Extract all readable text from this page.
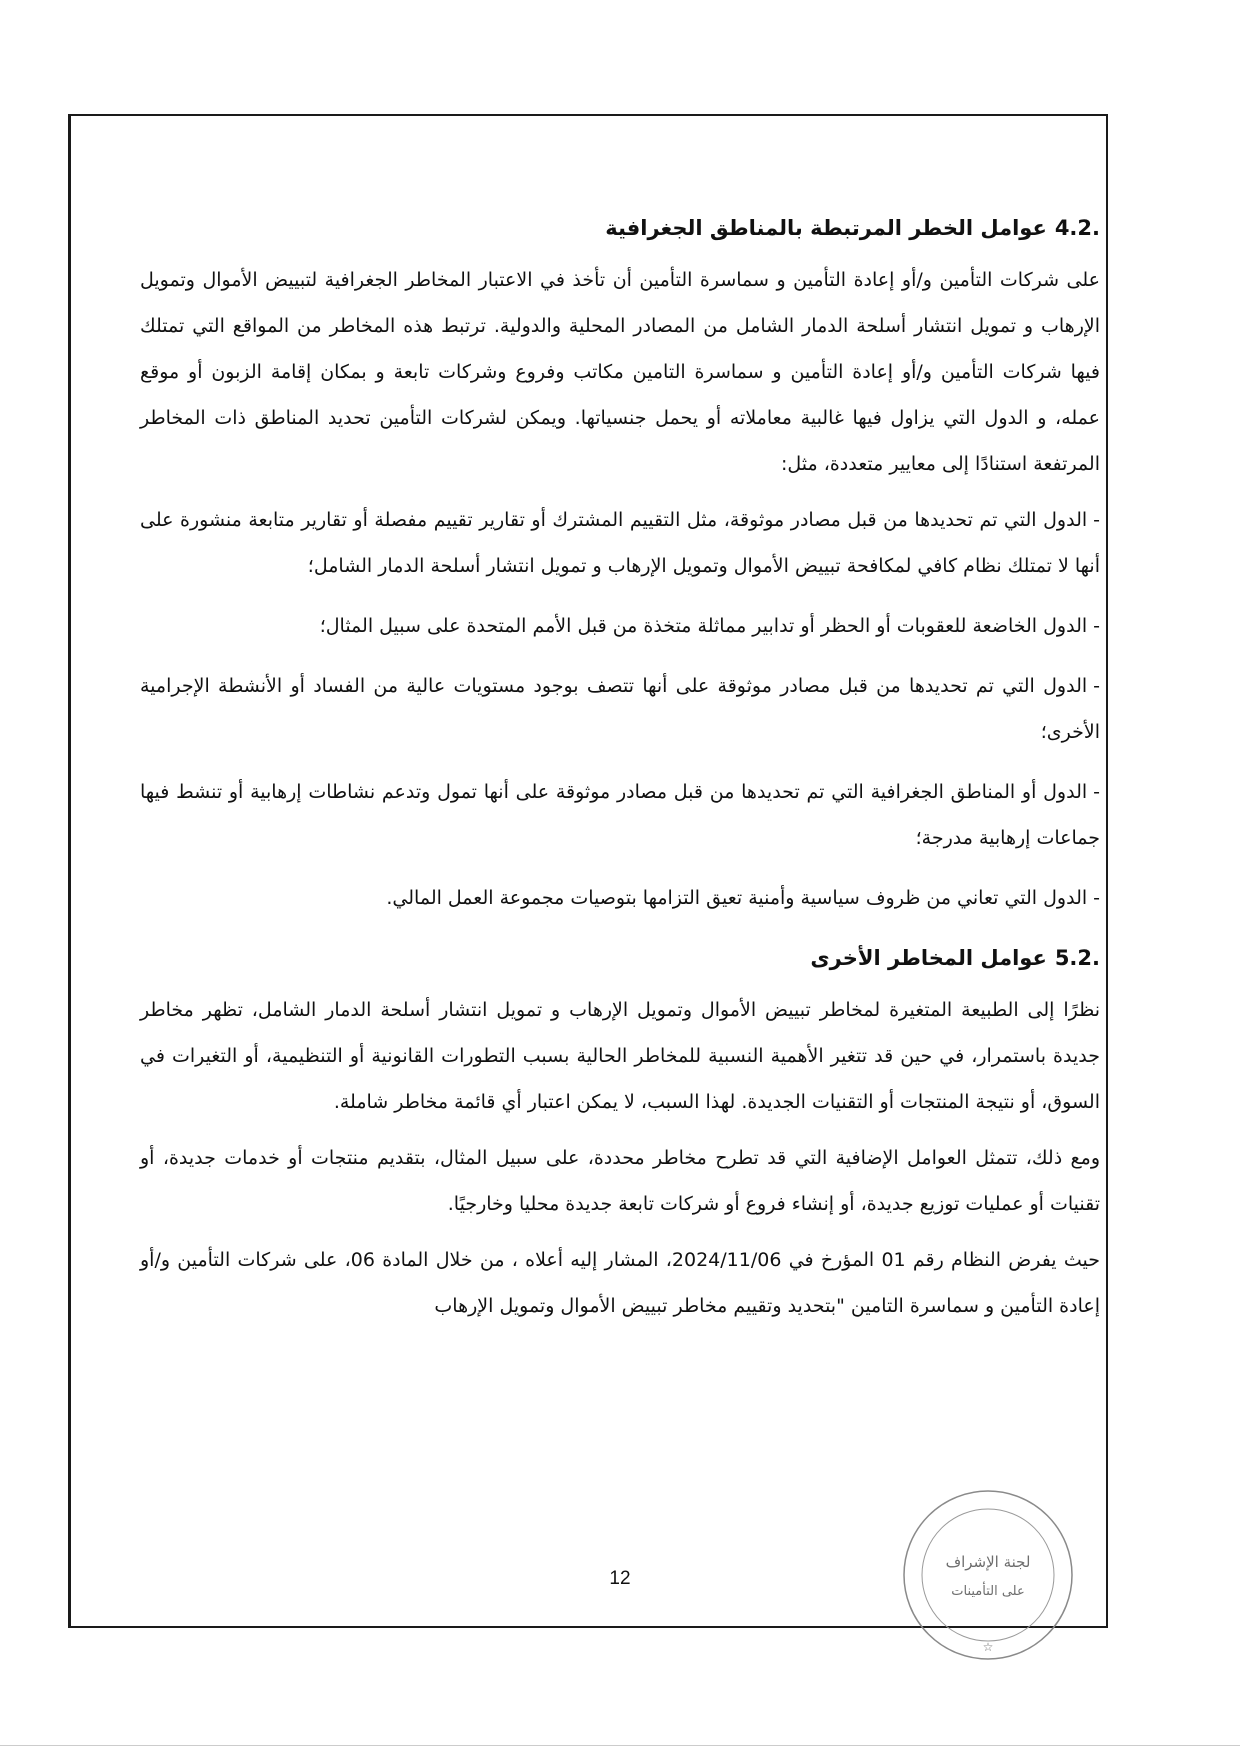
4.2.عوامل الخطر المرتبطة بالمناطق الجغرافية

على شركات التأمين و/أو إعادة التأمين و سماسرة التأمين أن تأخذ في الاعتبار المخاطر الجغرافية لتبييض الأموال وتمويل الإرهاب و تمويل انتشار أسلحة الدمار الشامل من المصادر المحلية والدولية. ترتبط هذه المخاطر من المواقع التي تمتلك فيها شركات التأمين و/أو إعادة التأمين و سماسرة التامين مكاتب وفروع وشركات تابعة و بمكان إقامة الزبون أو موقع عمله، و الدول التي يزاول فيها غالبية معاملاته أو يحمل جنسياتها. ويمكن لشركات التأمين تحديد المناطق ذات المخاطر المرتفعة استنادًا إلى معايير متعددة، مثل:

-الدول التي تم تحديدها من قبل مصادر موثوقة، مثل التقييم المشترك أو تقارير تقييم مفصلة أو تقارير متابعة منشورة على أنها لا تمتلك نظام كافي لمكافحة تبييض الأموال وتمويل الإرهاب و تمويل انتشار أسلحة الدمار الشامل؛

-الدول الخاضعة للعقوبات أو الحظر أو تدابير مماثلة متخذة من قبل الأمم المتحدة على سبيل المثال؛

-الدول التي تم تحديدها من قبل مصادر موثوقة على أنها تتصف بوجود مستويات عالية من الفساد أو الأنشطة الإجرامية الأخرى؛

-الدول أو المناطق الجغرافية التي تم تحديدها من قبل مصادر موثوقة على أنها تمول وتدعم نشاطات إرهابية أو تنشط فيها جماعات إرهابية مدرجة؛

-الدول التي تعاني من ظروف سياسية وأمنية تعيق التزامها بتوصيات مجموعة العمل المالي.

5.2.عوامل المخاطر الأخرى

نظرًا إلى الطبيعة المتغيرة لمخاطر تبييض الأموال وتمويل الإرهاب و تمويل انتشار أسلحة الدمار الشامل، تظهر مخاطر جديدة باستمرار، في حين قد تتغير الأهمية النسبية للمخاطر الحالية بسبب التطورات القانونية أو التنظيمية، أو التغيرات في السوق، أو نتيجة المنتجات أو التقنيات الجديدة. لهذا السبب، لا يمكن اعتبار أي قائمة مخاطر شاملة.

ومع ذلك، تتمثل العوامل الإضافية التي قد تطرح مخاطر محددة، على سبيل المثال، بتقديم منتجات أو خدمات جديدة، أو تقنيات أو عمليات توزيع جديدة، أو إنشاء فروع أو شركات تابعة جديدة محليا وخارجيًا.

حيث يفرض النظام رقم 01 المؤرخ في 2024/11/06، المشار إليه أعلاه ، من خلال المادة 06، على شركات التأمين و/أو إعادة التأمين و سماسرة التامين "بتحديد وتقييم مخاطر تبييض الأموال وتمويل الإرهاب

12
لجنة الإشراف
على التأمينات
☆
